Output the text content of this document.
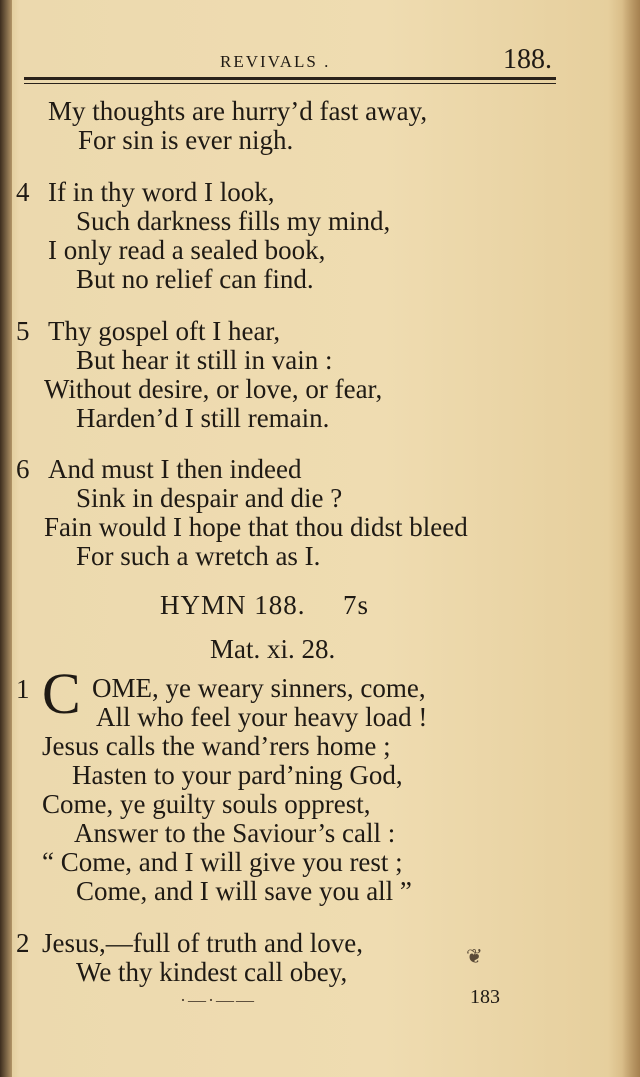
REVIVALS .	188.
My thoughts are hurry’d fast away,
For sin is ever nigh.
4 If in thy word I look,
Such darkness fills my mind,
I only read a sealed book,
But no relief can find.
5 Thy gospel oft I hear,
But hear it still in vain :
Without desire, or love, or fear,
Harden’d I still remain.
6 And must I then indeed
Sink in despair and die ?
Fain would I hope that thou didst bleed
For such a wretch as I.
HYMN 188. 7s
Mat. xi. 28.
1 C OME, ye weary sinners, come,
All who feel your heavy load !
Jesus calls the wand’rers home ;
Hasten to your pard’ning God,
Come, ye guilty souls opprest,
Answer to the Saviour’s call :
“ Come, and I will give you rest ;
Come, and I will save you all ”
2 Jesus,—full of truth and love,
We thy kindest call obey,	❦
·—·——	183
